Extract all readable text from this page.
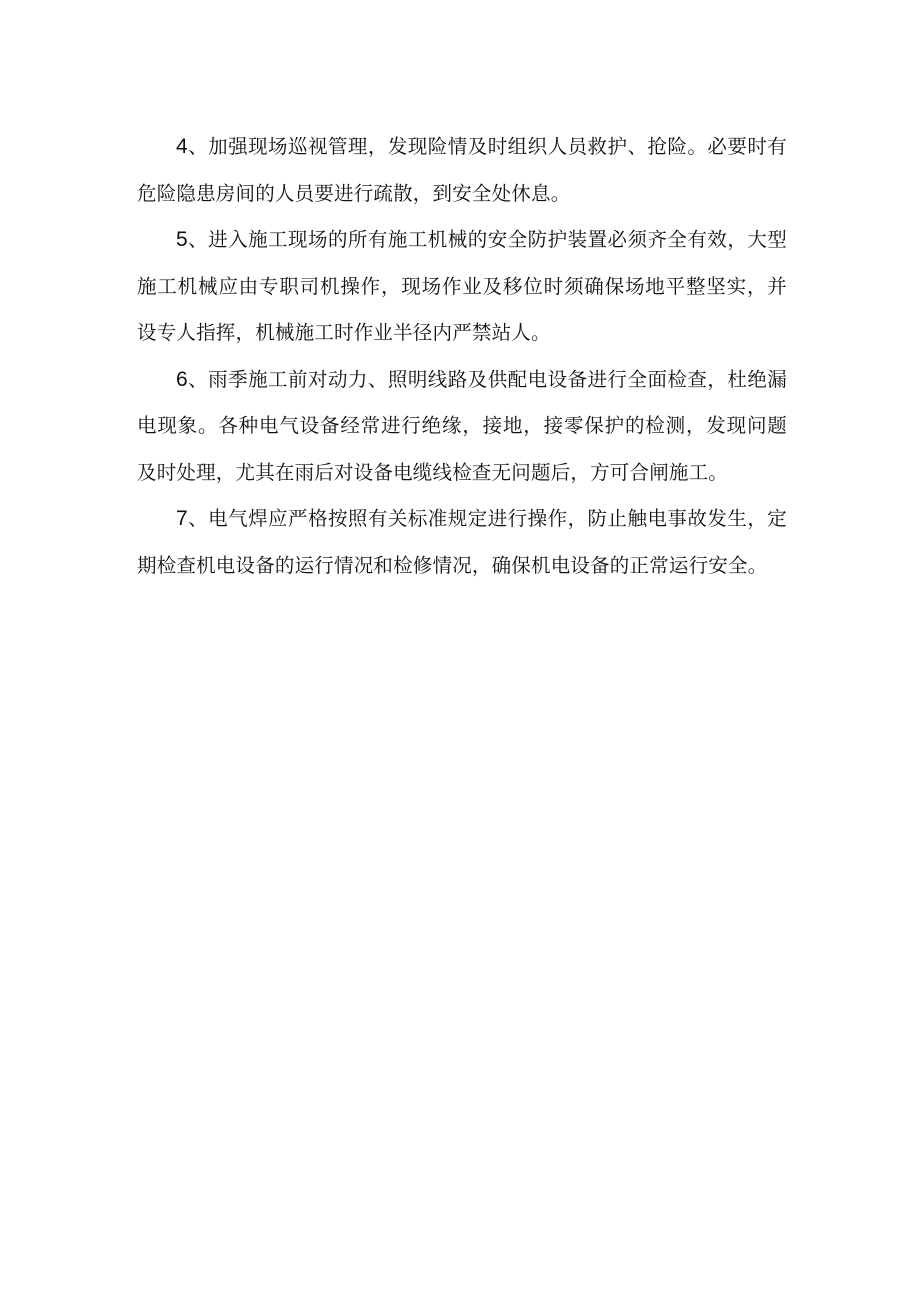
4、加强现场巡视管理，发现险情及时组织人员救护、抢险。必要时有危险隐患房间的人员要进行疏散，到安全处休息。

5、进入施工现场的所有施工机械的安全防护装置必须齐全有效，大型施工机械应由专职司机操作，现场作业及移位时须确保场地平整坚实，并设专人指挥，机械施工时作业半径内严禁站人。

6、雨季施工前对动力、照明线路及供配电设备进行全面检查，杜绝漏电现象。各种电气设备经常进行绝缘，接地，接零保护的检测，发现问题及时处理，尤其在雨后对设备电缆线检查无问题后，方可合闸施工。

7、电气焊应严格按照有关标准规定进行操作，防止触电事故发生，定期检查机电设备的运行情况和检修情况，确保机电设备的正常运行安全。
